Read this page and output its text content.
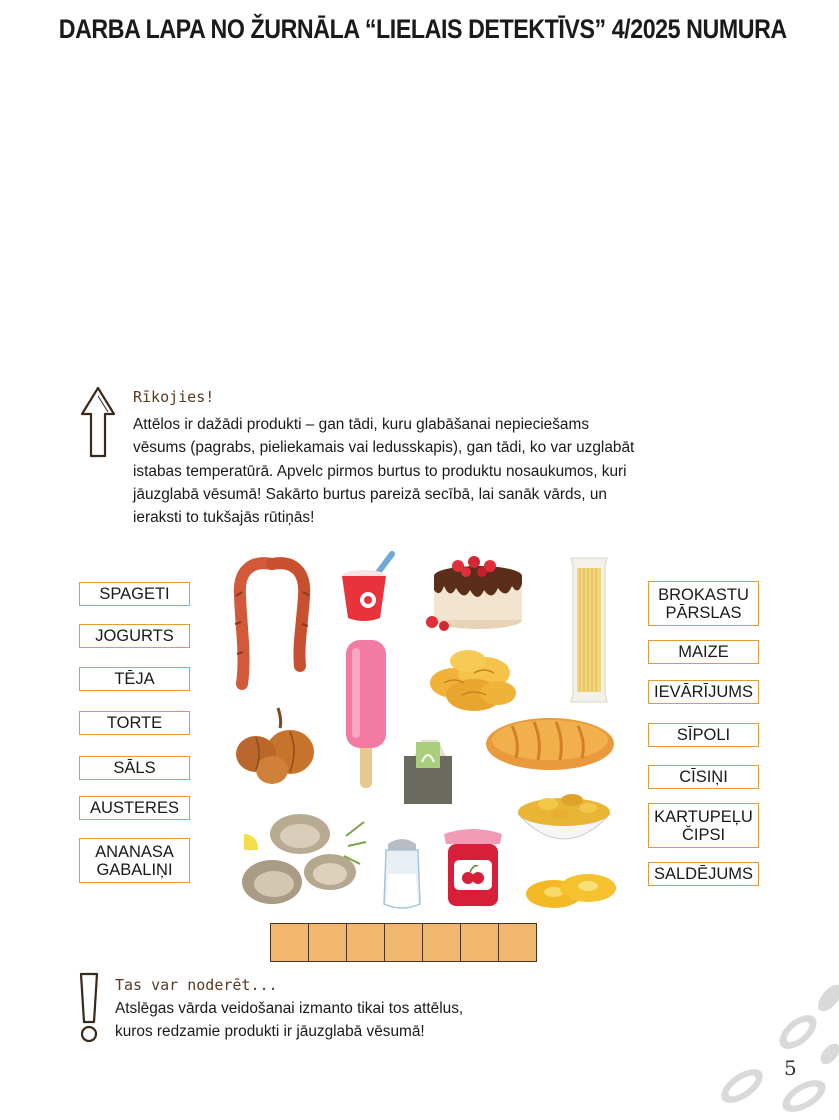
DARBA LAPA NO ŽURNĀLA “LIELAIS DETEKTĪVS” 4/2025 NUMURA
Rīkojies!
Attēlos ir dažādi produkti – gan tādi, kuru glabāšanai nepieciešams
vēsums (pagrabs, pieliekamais vai ledusskapis), gan tādi, ko var uzglabāt
istabas temperatūrā. Apvelc pirmos burtus to produktu nosaukumos, kuri
jāuzglabā vēsumā! Sakārto burtus pareizā secībā, lai sanāk vārds, un
ieraksti to tukšajās rūtiņās!
SPAGETI
JOGURTS
TĒJA
TORTE
SĀLS
AUSTERES
ANANASA
GABALIŅI
BROKASTU
PĀRSLAS
MAIZE
IEVĀRĪJUMS
SĪPOLI
CĪSIŅI
KARTUPEĻU
ČIPSI
SALDĒJUMS
Tas var noderēt...
Atslēgas vārda veidošanai izmanto tikai tos attēlus,
kuros redzamie produkti ir jāuzglabā vēsumā!
5
